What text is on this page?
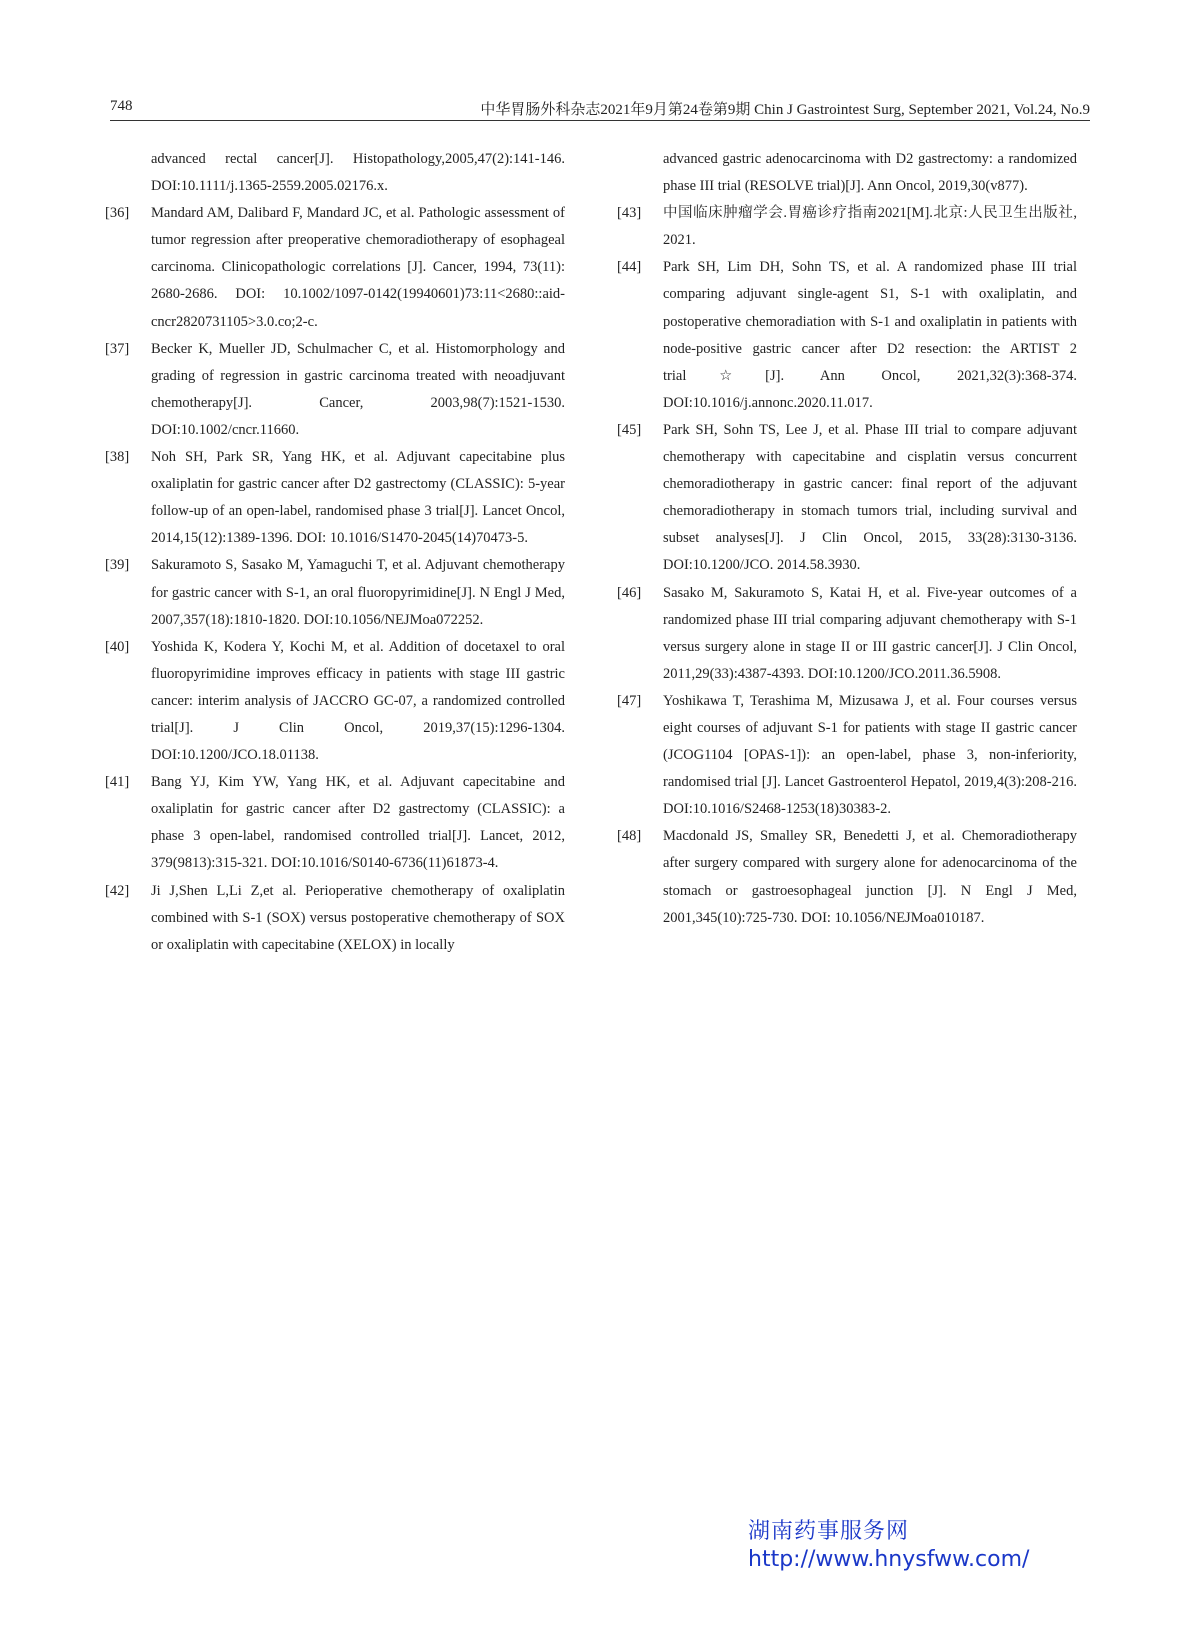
748	中华胃肠外科杂志2021年9月第24卷第9期 Chin J Gastrointest Surg, September 2021, Vol.24, No.9
advanced rectal cancer[J]. Histopathology,2005,47(2):141-146. DOI:10.1111/j.1365-2559.2005.02176.x.
[36]	Mandard AM, Dalibard F, Mandard JC, et al. Pathologic assessment of tumor regression after preoperative chemoradiotherapy of esophageal carcinoma. Clinicopathologic correlations [J]. Cancer, 1994, 73(11): 2680-2686. DOI: 10.1002/1097-0142(19940601)73:11<2680::aid-cncr2820731105>3.0.co;2-c.
[37]	Becker K, Mueller JD, Schulmacher C, et al. Histomorphology and grading of regression in gastric carcinoma treated with neoadjuvant chemotherapy[J]. Cancer, 2003,98(7):1521-1530. DOI:10.1002/cncr.11660.
[38]	Noh SH, Park SR, Yang HK, et al. Adjuvant capecitabine plus oxaliplatin for gastric cancer after D2 gastrectomy (CLASSIC): 5-year follow-up of an open-label, randomised phase 3 trial[J]. Lancet Oncol, 2014,15(12):1389-1396. DOI: 10.1016/S1470-2045(14)70473-5.
[39]	Sakuramoto S, Sasako M, Yamaguchi T, et al. Adjuvant chemotherapy for gastric cancer with S-1, an oral fluoropyrimidine[J]. N Engl J Med, 2007,357(18):1810-1820. DOI:10.1056/NEJMoa072252.
[40]	Yoshida K, Kodera Y, Kochi M, et al. Addition of docetaxel to oral fluoropyrimidine improves efficacy in patients with stage III gastric cancer: interim analysis of JACCRO GC-07, a randomized controlled trial[J]. J Clin Oncol, 2019,37(15):1296-1304. DOI:10.1200/JCO.18.01138.
[41]	Bang YJ, Kim YW, Yang HK, et al. Adjuvant capecitabine and oxaliplatin for gastric cancer after D2 gastrectomy (CLASSIC): a phase 3 open-label, randomised controlled trial[J]. Lancet, 2012, 379(9813):315-321. DOI:10.1016/S0140-6736(11)61873-4.
[42]	Ji J,Shen L,Li Z,et al. Perioperative chemotherapy of oxaliplatin combined with S-1 (SOX) versus postoperative chemotherapy of SOX or oxaliplatin with capecitabine (XELOX) in locally
advanced gastric adenocarcinoma with D2 gastrectomy: a randomized phase III trial (RESOLVE trial)[J]. Ann Oncol, 2019,30(v877).
[43]	中国临床肿瘤学会.胃癌诊疗指南2021[M].北京:人民卫生出版社, 2021.
[44]	Park SH, Lim DH, Sohn TS, et al. A randomized phase III trial comparing adjuvant single-agent S1, S-1 with oxaliplatin, and postoperative chemoradiation with S-1 and oxaliplatin in patients with node-positive gastric cancer after D2 resection: the ARTIST 2 trial☆[J]. Ann Oncol, 2021,32(3):368-374. DOI:10.1016/j.annonc.2020.11.017.
[45]	Park SH, Sohn TS, Lee J, et al. Phase III trial to compare adjuvant chemotherapy with capecitabine and cisplatin versus concurrent chemoradiotherapy in gastric cancer: final report of the adjuvant chemoradiotherapy in stomach tumors trial, including survival and subset analyses[J]. J Clin Oncol, 2015, 33(28):3130-3136. DOI:10.1200/JCO. 2014.58.3930.
[46]	Sasako M, Sakuramoto S, Katai H, et al. Five-year outcomes of a randomized phase III trial comparing adjuvant chemotherapy with S-1 versus surgery alone in stage II or III gastric cancer[J]. J Clin Oncol, 2011,29(33):4387-4393. DOI:10.1200/JCO.2011.36.5908.
[47]	Yoshikawa T, Terashima M, Mizusawa J, et al. Four courses versus eight courses of adjuvant S-1 for patients with stage II gastric cancer (JCOG1104 [OPAS-1]): an open-label, phase 3, non-inferiority, randomised trial [J]. Lancet Gastroenterol Hepatol, 2019,4(3):208-216. DOI:10.1016/S2468-1253(18)30383-2.
[48]	Macdonald JS, Smalley SR, Benedetti J, et al. Chemoradiotherapy after surgery compared with surgery alone for adenocarcinoma of the stomach or gastroesophageal junction [J]. N Engl J Med, 2001,345(10):725-730. DOI: 10.1056/NEJMoa010187.
湖南药事服务网
http://www.hnysfww.com/
